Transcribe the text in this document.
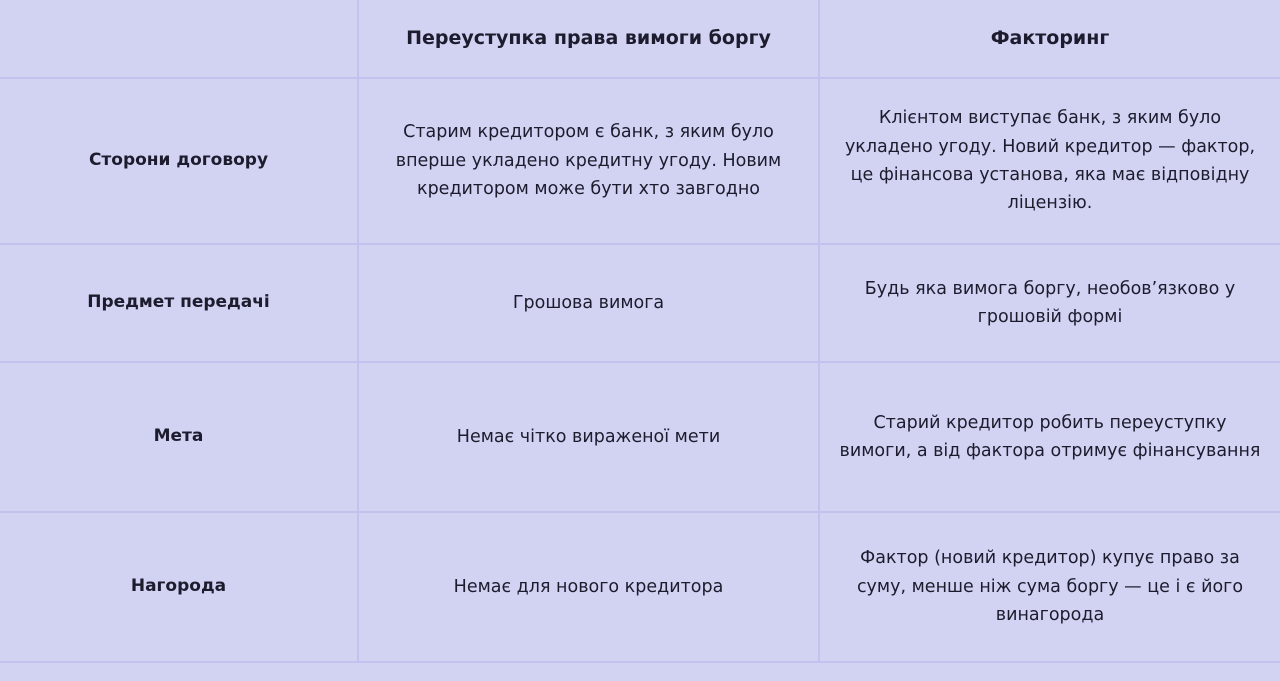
	Переуступка права вимоги боргу	Факторинг
Сторони договору	Старим кредитором є банк, з яким було вперше укладено кредитну угоду. Новим кредитором може бути хто завгодно	Клієнтом виступає банк, з яким було укладено угоду. Новий кредитор — фактор, це фінансова установа, яка має відповідну ліцензію.
Предмет передачі	Грошова вимога	Будь яка вимога боргу, необов’язково у грошовій формі
Мета	Немає чітко вираженої мети	Старий кредитор робить переуступку вимоги, а від фактора отримує фінансування
Нагорода	Немає для нового кредитора	Фактор (новий кредитор) купує право за суму, менше ніж сума боргу — це і є його винагорода
